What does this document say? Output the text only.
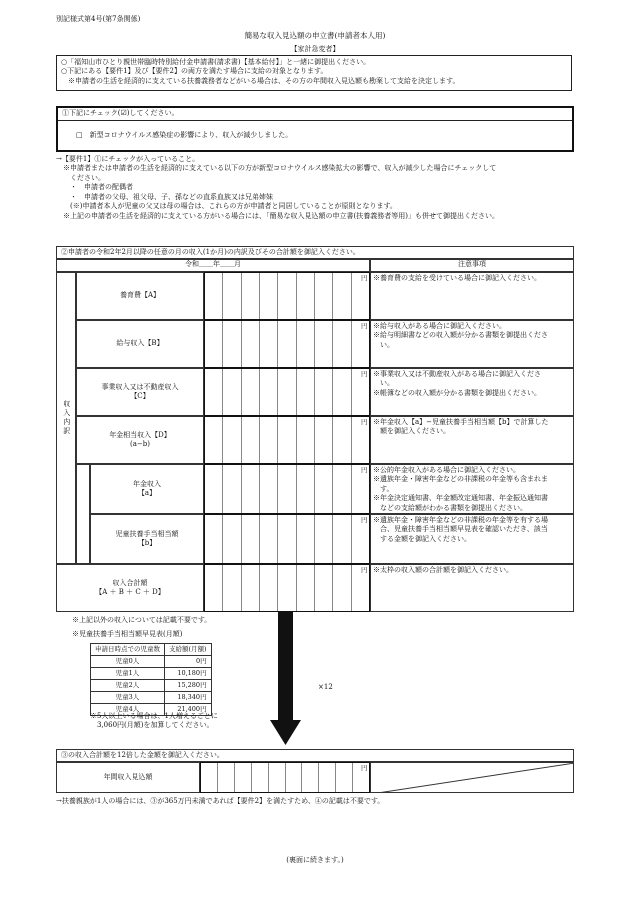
別記様式第4号(第7条関係)
簡易な収入見込額の申立書(申請者本人用)
【家計急変者】
○「福知山市ひとり親世帯臨時特別給付金申請書(請求書)【基本給付】」と一緒に御提出ください。
○下記にある【要件1】及び【要件2】の両方を満たす場合に支給の対象となります。
　※申請者の生活を経済的に支えている扶養義務者などがいる場合は、その方の年間収入見込額も勘案して支給を決定します。
①下記にチェック(☑)してください。
□　新型コロナウイルス感染症の影響により、収入が減少しました。

→【要件1】①にチェックが入っていること。

　※申請者または申請者の生活を経済的に支えている以下の方が新型コロナウイルス感染拡大の影響で、収入が減少した場合にチェックして

　　ください。

　　・　申請者の配偶者

　　・　申請者の父母、祖父母、子、孫などの直系血族又は兄弟姉妹

　　(※)申請者本人が児童の父又は母の場合は、これらの方が申請者と同居していることが原則となります。

　※上記の申請者の生活を経済的に支えている方がいる場合には、「簡易な収入見込額の申立書(扶養義務者等用)」も併せて御提出ください。

②申請者の令和2年2月以降の任意の月の収入(1か月)の内訳及びその合計額を御記入ください。
令和＿＿年＿＿月	注意事項
収入内訳
養育費【A】
円 ※養育費の支給を受けている場合に御記入ください。

給与収入【B】
円 ※給与収入がある場合に御記入ください。

※給与明細書などの収入額が分かる書類を御提出くださ

　い。

事業収入又は不動産収入
【C】
円 ※事業収入又は不動産収入がある場合に御記入くださ

　い。

※帳簿などの収入額が分かる書類を御提出ください。

年金相当収入【D】
(a−b)
円 ※年金収入【a】−児童扶養手当相当額【b】で計算した

　額を御記入ください。

年金収入
【a】
円 ※公的年金収入がある場合に御記入ください。

※遺族年金・障害年金などの非課税の年金等も含まれま

　す。

※年金決定通知書、年金額改定通知書、年金振込通知書

　などの支給額がわかる書類を御提出ください。

児童扶養手当相当額
【b】
円 ※遺族年金・障害年金などの非課税の年金等を有する場

　合、児童扶養手当相当額早見表を確認いただき、該当

　する金額を御記入ください。

収入合計額
【A ＋ B ＋ C ＋ D】
円 ※太枠の収入額の合計額を御記入ください。

※上記以外の収入については記載不要です。
※児童扶養手当相当額早見表(月額)
申請日時点での児童数	支給額(月額)
児童0人	0円
児童1人	10,180円
児童2人	15,280円
児童3人	18,340円
児童4人	21,400円
※5人以上いる場合は、1人増えるごとに
　3,060円(月額)を加算してください。
×12
③の収入合計額を12倍した金額を御記入ください。
年間収入見込額
円
→扶養親族が1人の場合には、③が365万円未満であれば【要件2】を満たすため、④の記載は不要です。
(裏面に続きます。)
